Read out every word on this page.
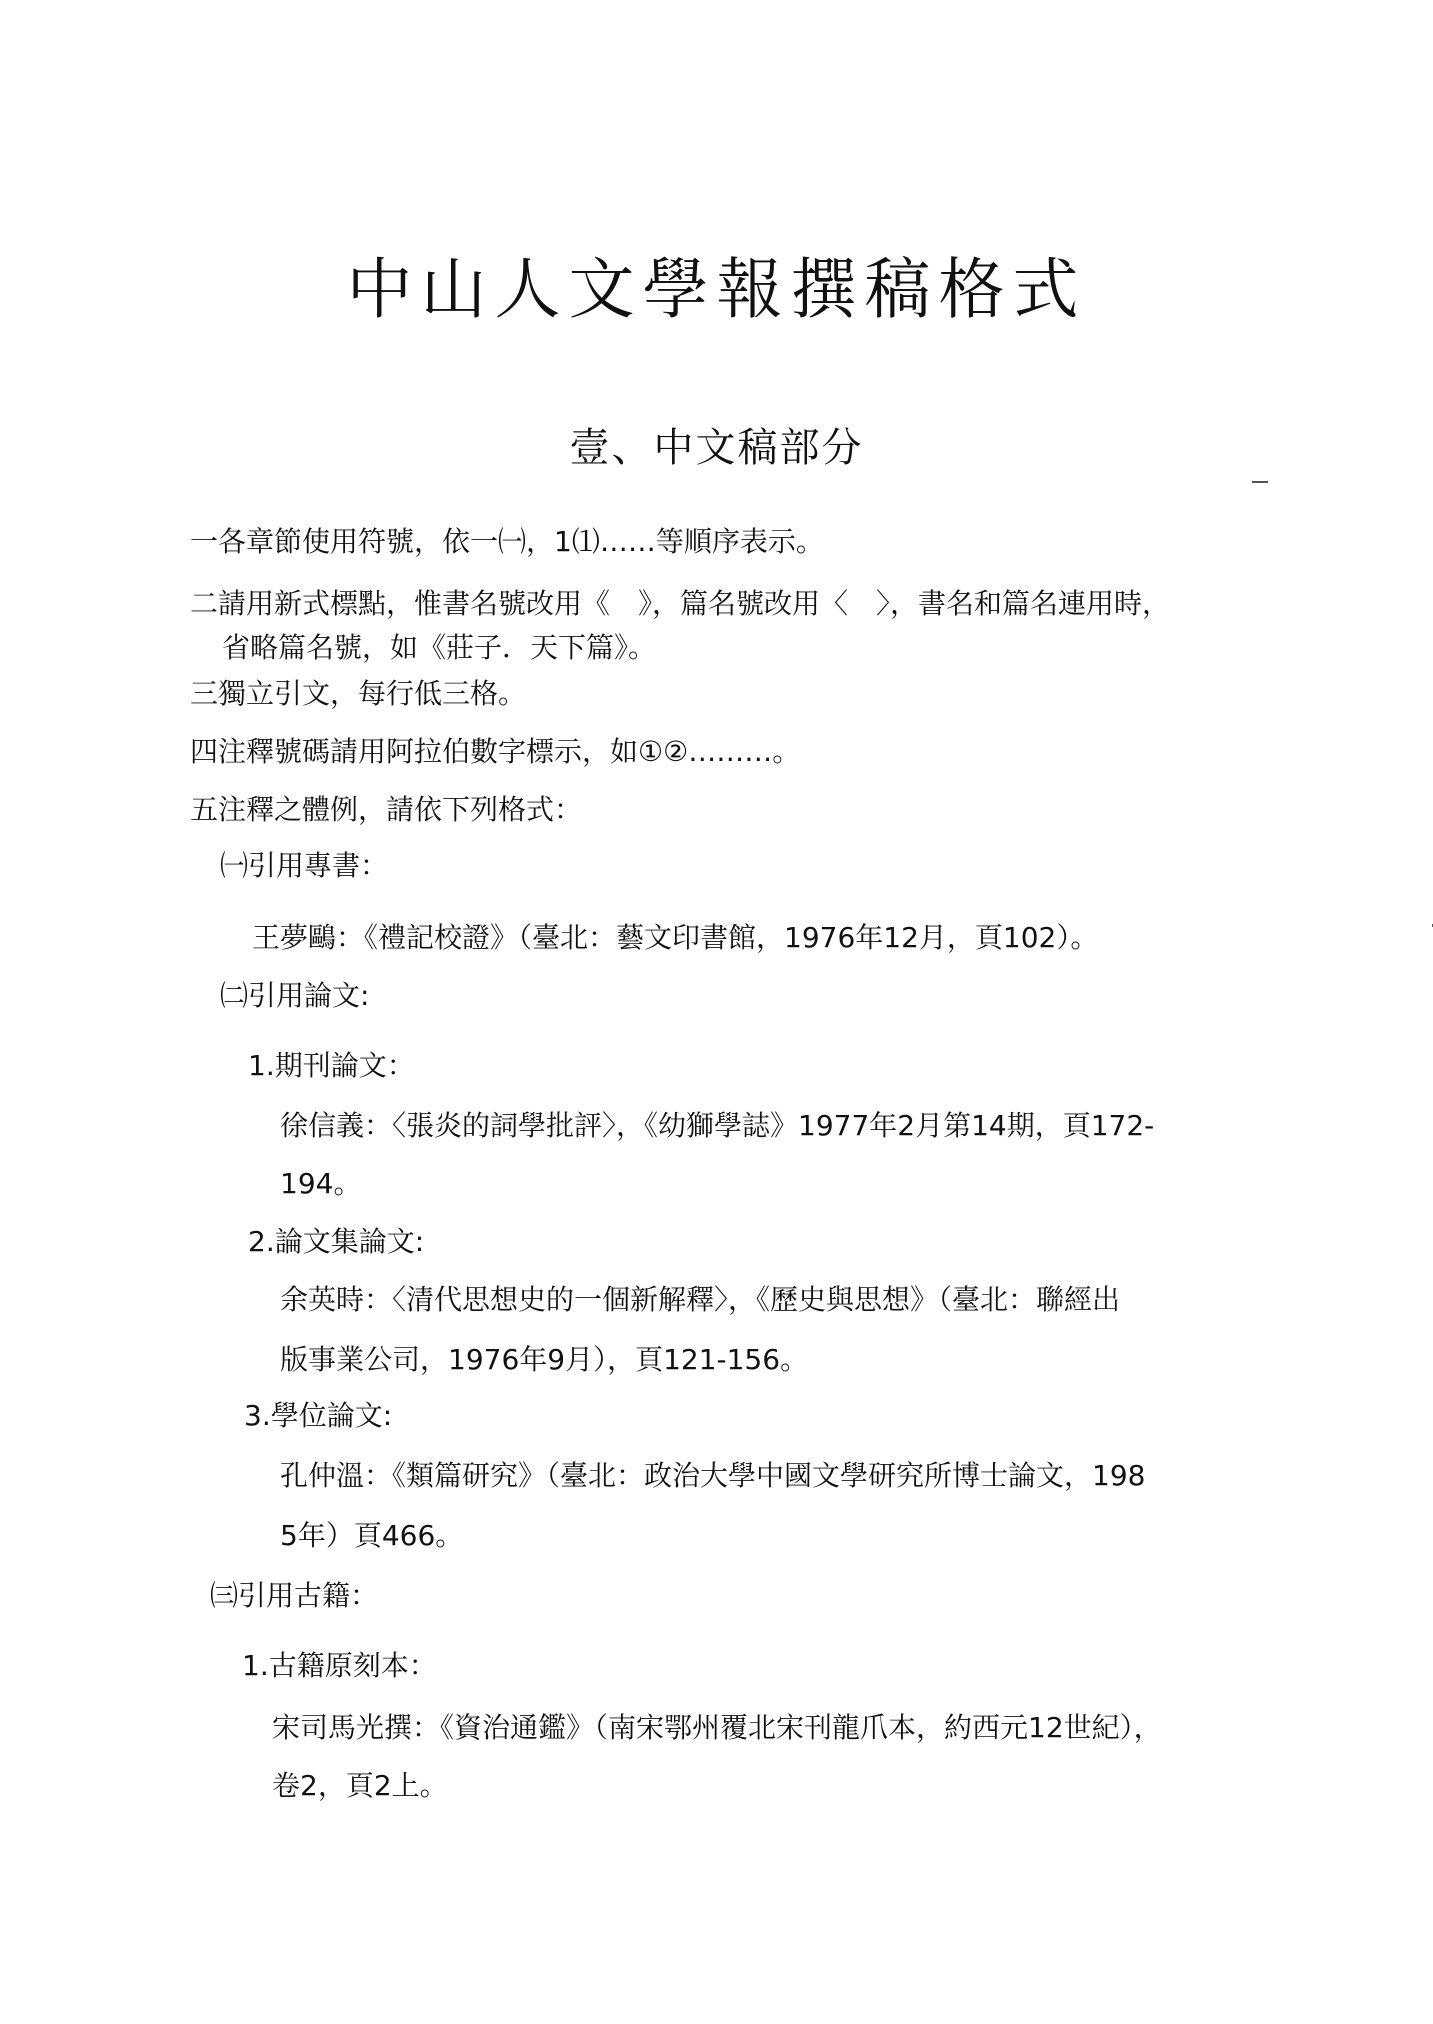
中山人文學報撰稿格式
壹、中文稿部分
一各章節使用符號，依一㈠，1⑴……等順序表示。
二請用新式標點，惟書名號改用《　》，篇名號改用〈　〉，書名和篇名連用時，
省略篇名號，如《莊子．天下篇》。
三獨立引文，每行低三格。
四注釋號碼請用阿拉伯數字標示，如①②………。
五注釋之體例，請依下列格式：
㈠引用專書：
王夢鷗：《禮記校證》（臺北：藝文印書館，1976年12月，頁102）。
㈡引用論文:
1.期刊論文：
徐信義：〈張炎的詞學批評〉，《幼獅學誌》1977年2月第14期，頁172-
194。
2.論文集論文:
余英時：〈清代思想史的一個新解釋〉，《歷史與思想》（臺北：聯經出
版事業公司，1976年9月），頁121-156。
3.學位論文:
孔仲溫：《類篇研究》（臺北：政治大學中國文學研究所博士論文，198
5年）頁466。
㈢引用古籍：
1.古籍原刻本：
宋司馬光撰：《資治通鑑》（南宋鄂州覆北宋刊龍爪本，約西元12世紀），
卷2，頁2上。
